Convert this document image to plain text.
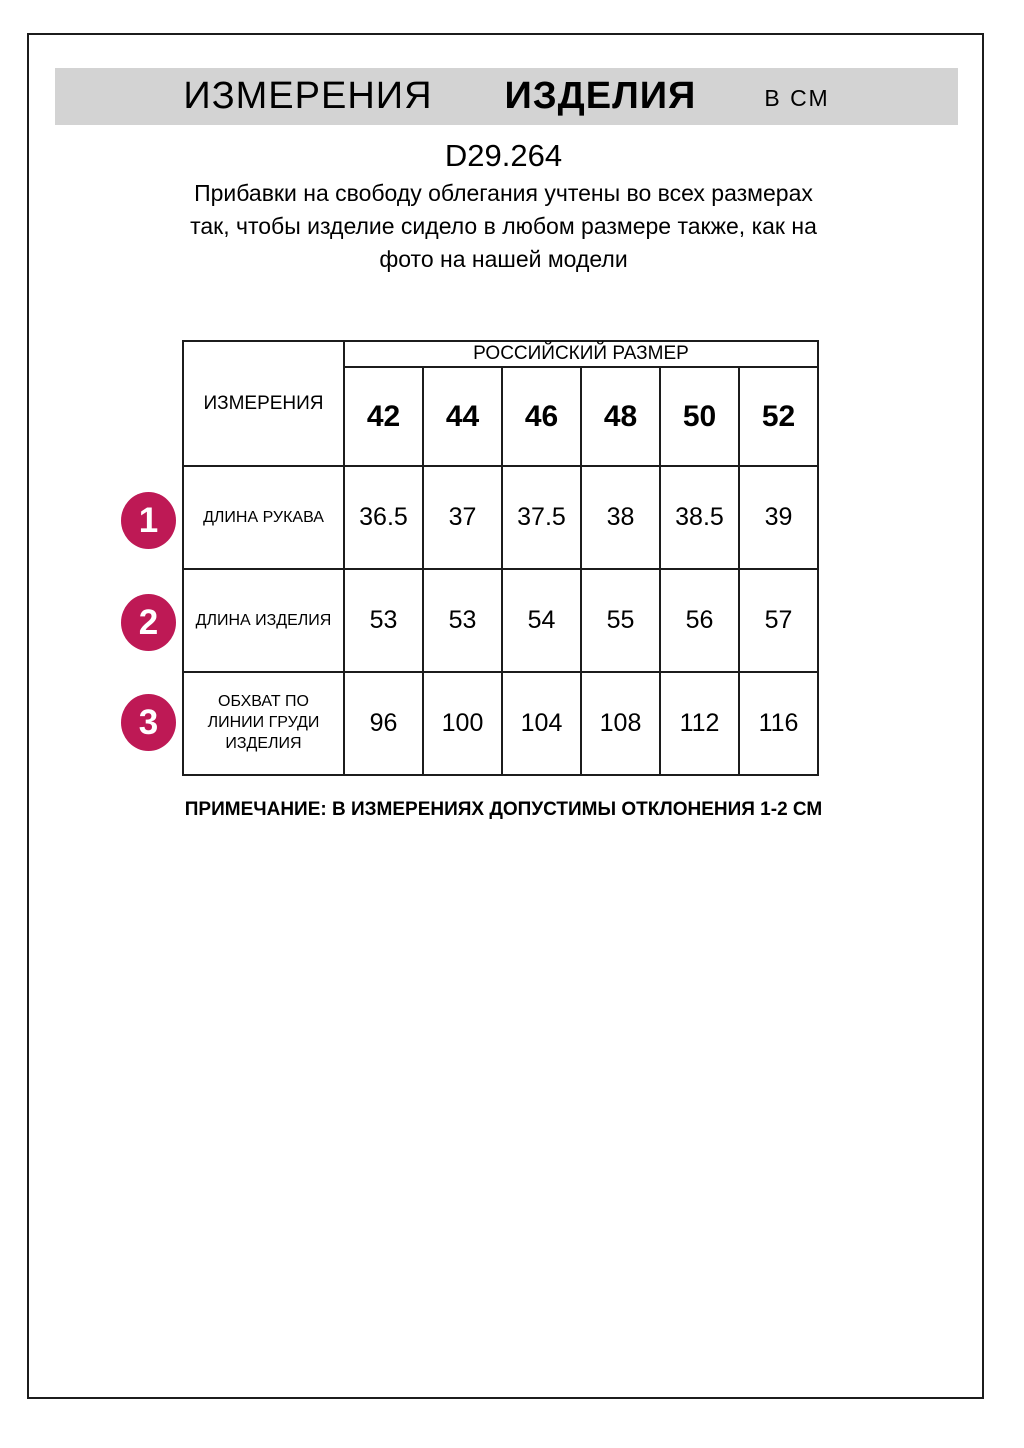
ИЗМЕРЕНИЯ ИЗДЕЛИЯ	В СМ
D29.264
Прибавки на свободу облегания учтены во всех размерах
так, чтобы изделие сидело в любом размере также, как на
фото на нашей модели
ИЗМЕРЕНИЯ	РОССИЙСКИЙ РАЗМЕР					
	42	44	46	48	50	52
ДЛИНА РУКАВА	36.5	37	37.5	38	38.5	39
ДЛИНА ИЗДЕЛИЯ	53	53	54	55	56	57

ОБХВАТ ПО ЛИНИИ ГРУДИ ИЗДЕЛИЯ	96	100	104	108	112	116
1
2
3
ПРИМЕЧАНИЕ: В ИЗМЕРЕНИЯХ ДОПУСТИМЫ ОТКЛОНЕНИЯ 1-2 СМ
